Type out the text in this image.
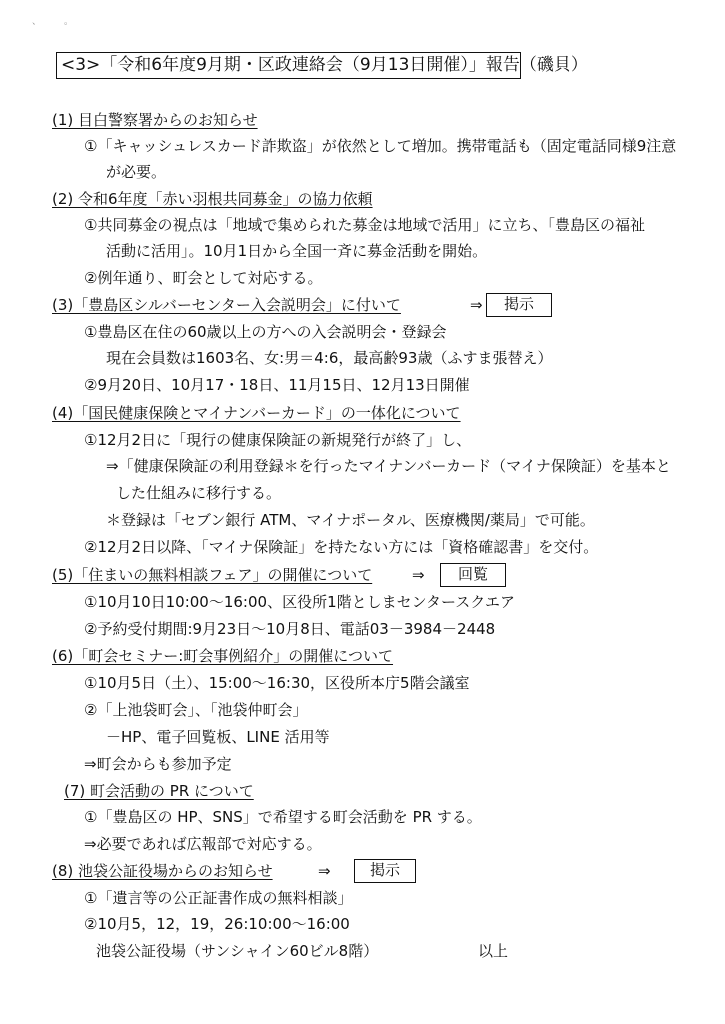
、	。
<3>「令和6年度9月期・区政連絡会（9月13日開催）」報告（磯貝）
(1) 目白警察署からのお知らせ
①「キャッシュレスカード詐欺盗」が依然として増加。携帯電話も（固定電話同様9注意
が必要。
(2) 令和6年度「赤い羽根共同募金」の協力依頼
①共同募金の視点は「地域で集められた募金は地域で活用」に立ち、「豊島区の福祉
活動に活用」。10月1日から全国一斉に募金活動を開始。
②例年通り、町会として対応する。
(3)「豊島区シルバーセンター入会説明会」に付いて	⇒	掲示
①豊島区在住の60歳以上の方への入会説明会・登録会
現在会員数は1603名、女:男＝4:6，最高齢93歳（ふすま張替え）
②9月20日、10月17・18日、11月15日、12月13日開催
(4)「国民健康保険とマイナンバーカード」の一体化について
①12月2日に「現行の健康保険証の新規発行が終了」し、
⇒「健康保険証の利用登録＊を行ったマイナンバーカード（マイナ保険証）を基本と
した仕組みに移行する。
＊登録は「セブン銀行 ATM、マイナポータル、医療機関/薬局」で可能。
②12月2日以降、「マイナ保険証」を持たない方には「資格確認書」を交付。
(5)「住まいの無料相談フェア」の開催について	⇒	回覧
①10月10日10:00～16:00、区役所1階としまセンタースクエア
②予約受付期間:9月23日～10月8日、電話03－3984－2448
(6)「町会セミナー:町会事例紹介」の開催について
①10月5日（土）、15:00～16:30，区役所本庁5階会議室
②「上池袋町会」、「池袋仲町会」
－HP、電子回覧板、LINE 活用等
⇒町会からも参加予定
(7) 町会活動の PR について
①「豊島区の HP、SNS」で希望する町会活動を PR する。
⇒必要であれば広報部で対応する。
(8) 池袋公証役場からのお知らせ	⇒	掲示
①「遺言等の公正証書作成の無料相談」
②10月5，12，19，26:10:00～16:00
池袋公証役場（サンシャイン60ビル8階）	以上
